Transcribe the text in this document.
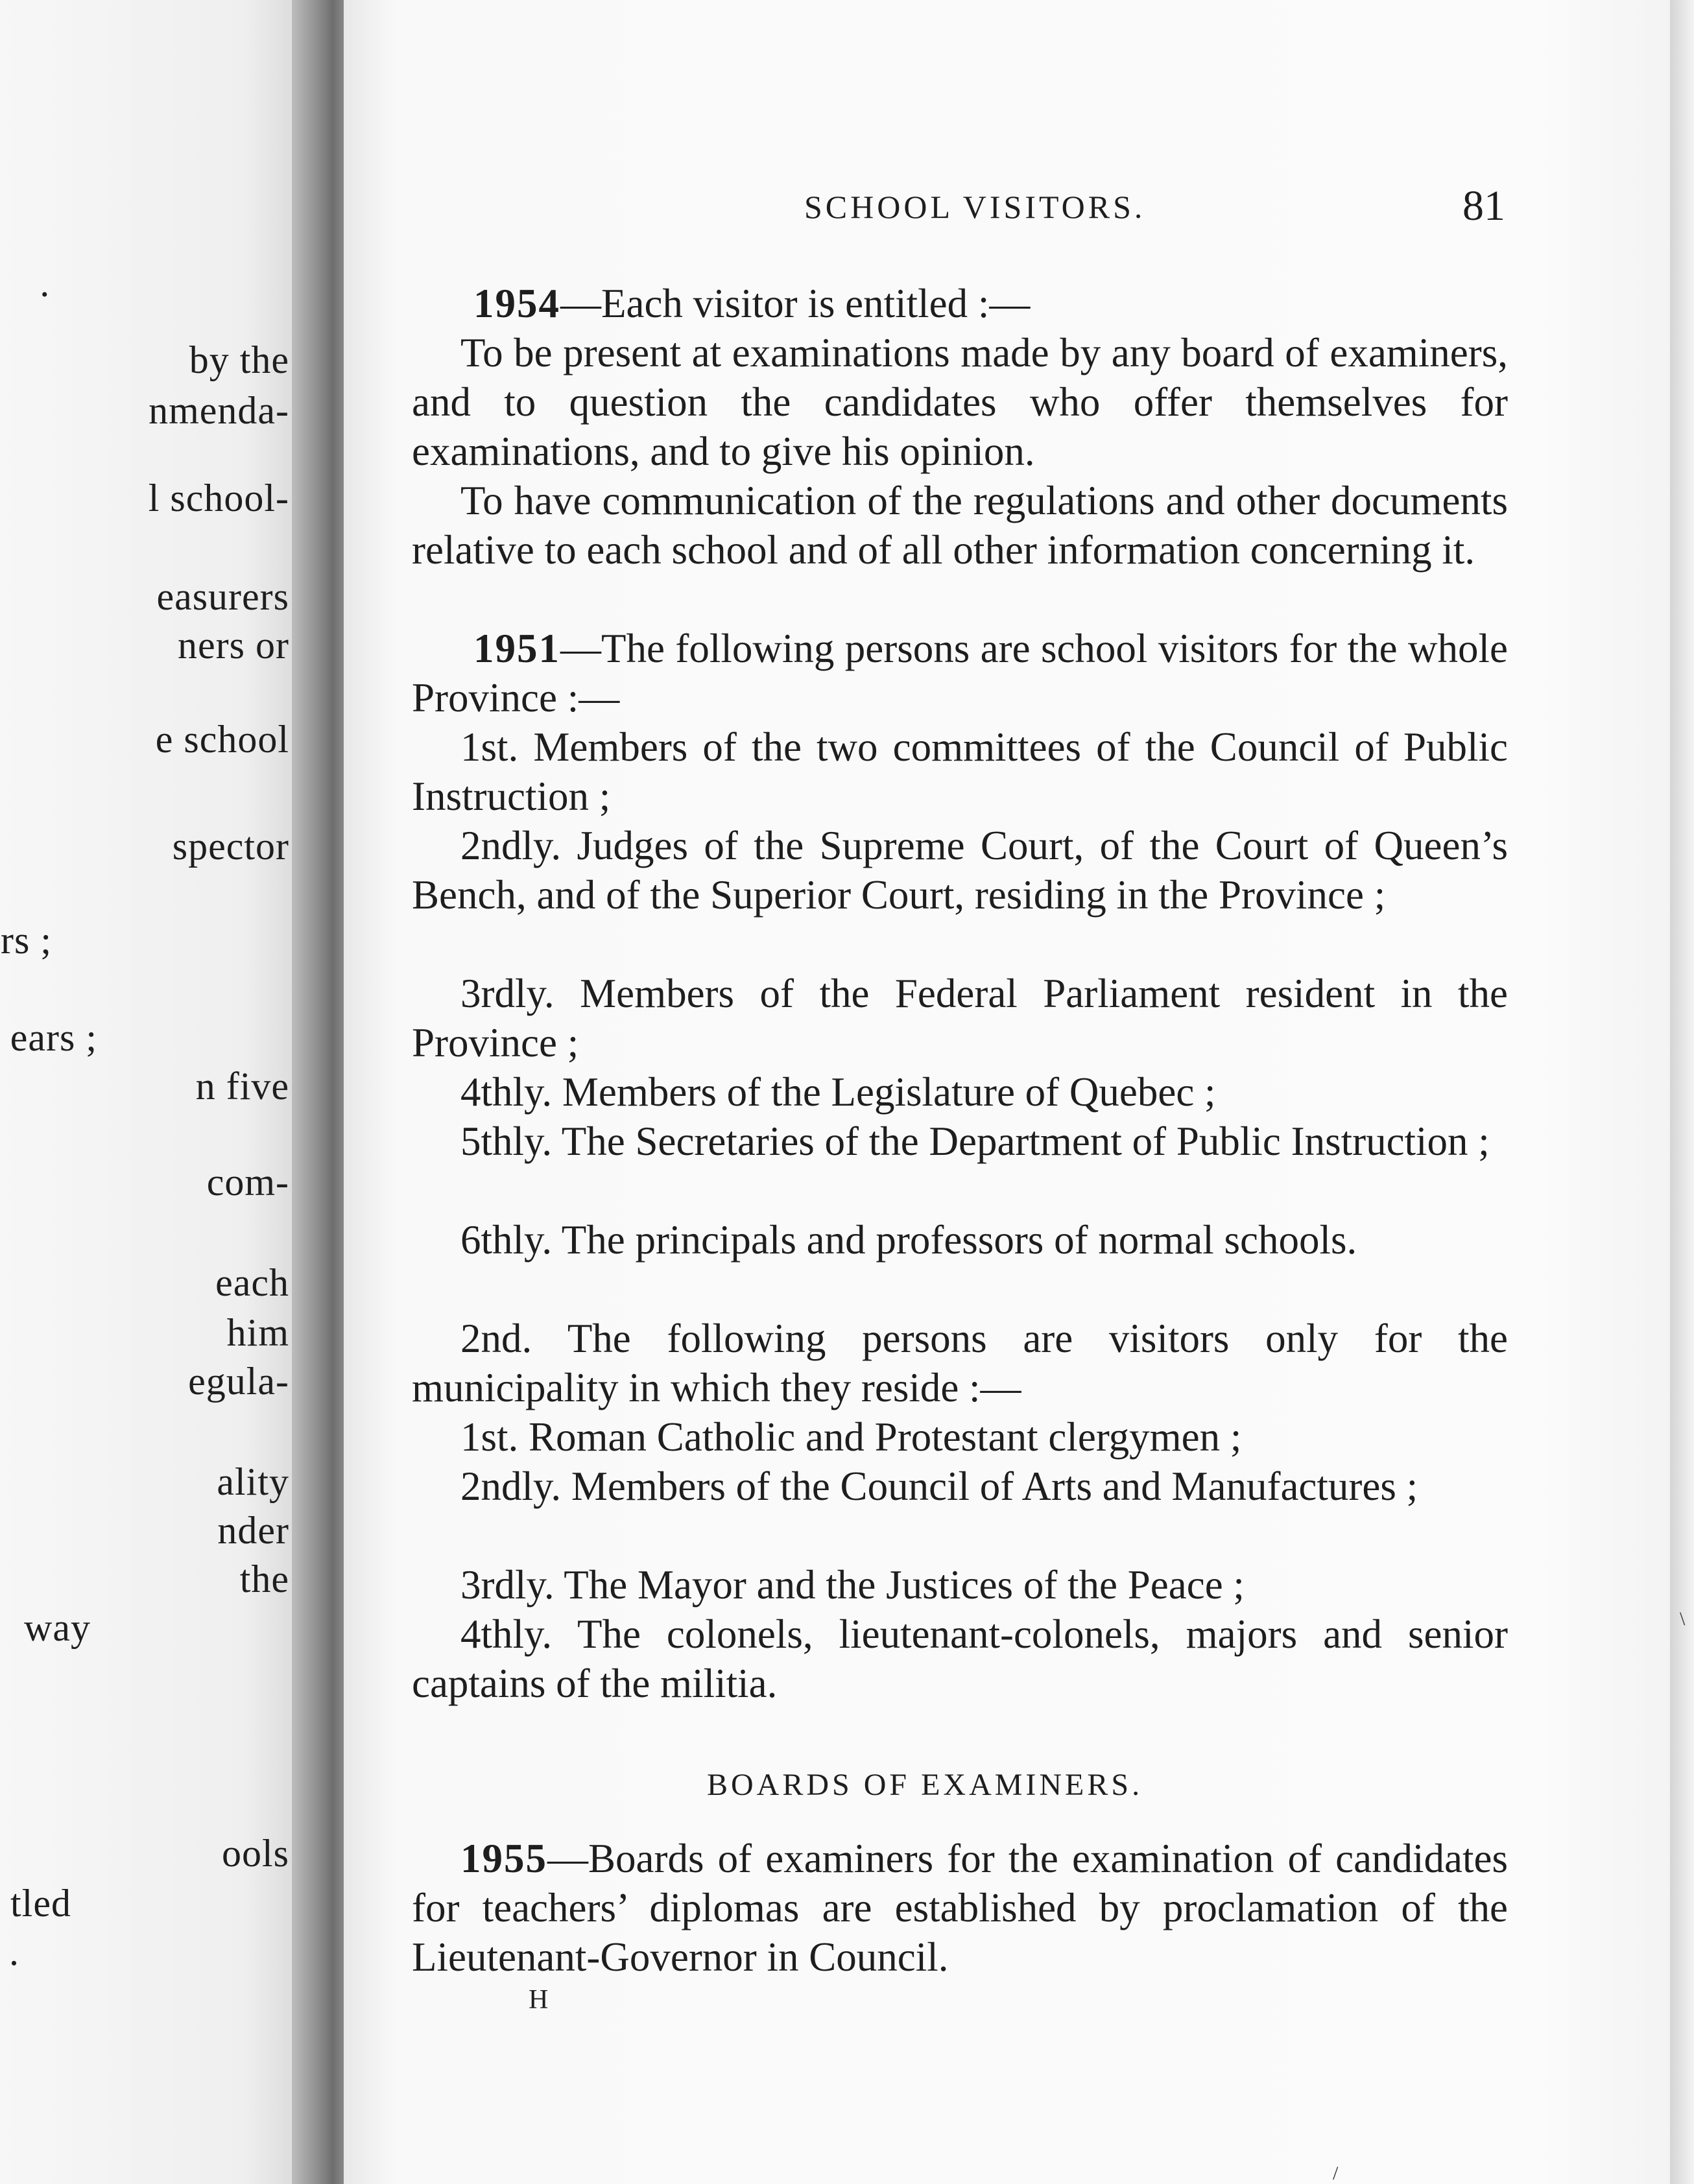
•
by the
nmenda-
l school-
easurers
ners or
e school
spector
rs ;
ears ;
n five
com-
each
him
egula-
ality
nder
the
way
ools
tled
.
SCHOOL VISITORS.	81
1954—Each visitor is entitled :—
To be present at examinations made by any board of examiners, and to question the candidates who offer themselves for examinations, and to give his opinion.
To have communication of the regulations and other documents relative to each school and of all other information concerning it.
1951—The following persons are school visitors for the whole Province :—
1st. Members of the two committees of the Council of Public Instruction ;
2ndly. Judges of the Supreme Court, of the Court of Queen’s Bench, and of the Superior Court, residing in the Province ;
3rdly. Members of the Federal Parliament resident in the Province ;
4thly. Members of the Legislature of Quebec ;
5thly. The Secretaries of the Department of Public Instruction ;
6thly. The principals and professors of normal schools.
2nd. The following persons are visitors only for the municipality in which they reside :—
1st. Roman Catholic and Protestant clergymen ;
2ndly. Members of the Council of Arts and Manufactures ;
3rdly. The Mayor and the Justices of the Peace ;
4thly. The colonels, lieutenant-colonels, majors and senior captains of the militia.
BOARDS OF EXAMINERS.
1955—Boards of examiners for the examination of candidates for teachers’ diplomas are established by proclamation of the Lieutenant-Governor in Council.
H
\
/
